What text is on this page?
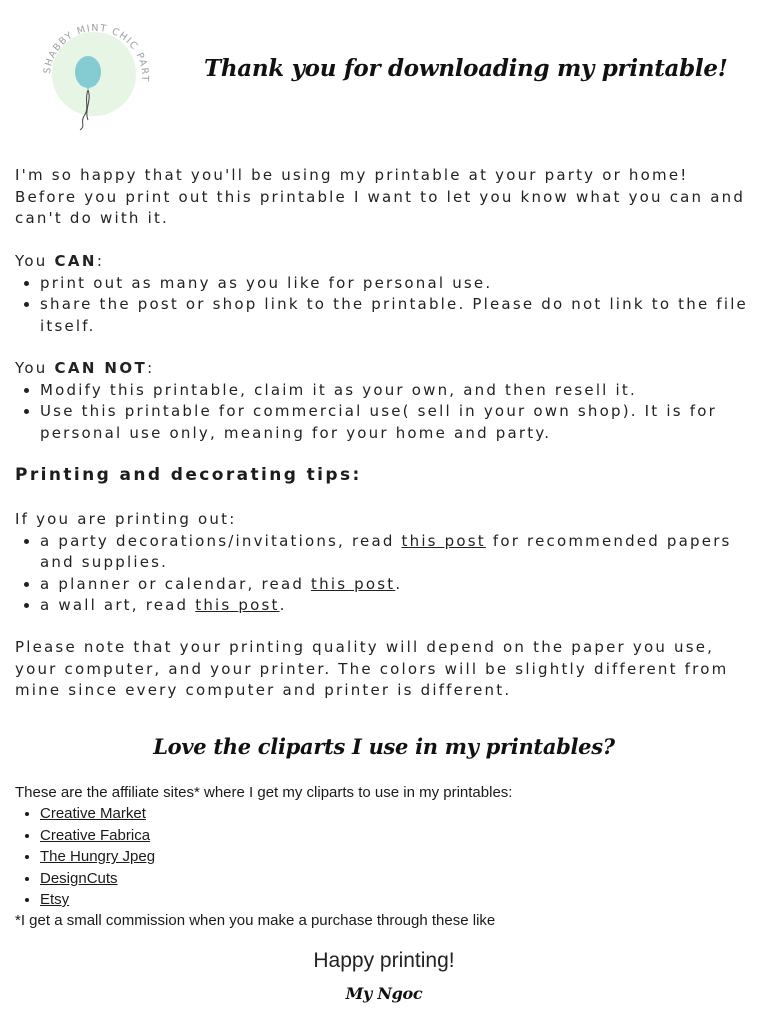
SHABBY MINT CHIC PART Thank you for downloading my printable!

I'm so happy that you'll be using my printable at your party or home! Before you print out this printable I want to let you know what you can and can't do with it.

You CAN:

• print out as many as you like for personal use.
• share the post or shop link to the printable. Please do not link to the file itself.

You CAN NOT:

• Modify this printable, claim it as your own, and then resell it.
• Use this printable for commercial use( sell in your own shop). It is for personal use only, meaning for your home and party.
Printing and decorating tips:

If you are printing out:

• a party decorations/invitations, read this post for recommended papers and supplies.
• a planner or calendar, read this post.
• a wall art, read this post.

Please note that your printing quality will depend on the paper you use, your computer, and your printer. The colors will be slightly different from mine since every computer and printer is different.

Love the cliparts I use in my printables?
These are the affiliate sites* where I get my cliparts to use in my printables:
• Creative Market
• Creative Fabrica
• The Hungry Jpeg
• DesignCuts
• Etsy
*I get a small commission when you make a purchase through these like
Happy printing!
My Ngoc
